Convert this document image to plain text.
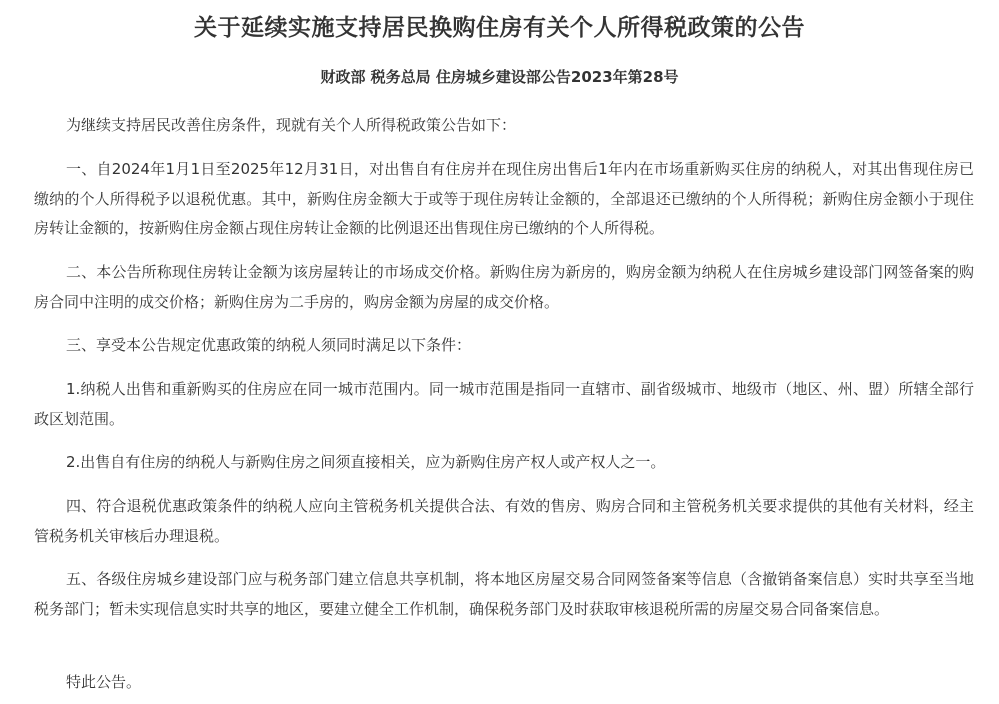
关于延续实施支持居民换购住房有关个人所得税政策的公告
财政部 税务总局 住房城乡建设部公告2023年第28号

为继续支持居民改善住房条件，现就有关个人所得税政策公告如下：

一、自2024年1月1日至2025年12月31日，对出售自有住房并在现住房出售后1年内在市场重新购买住房的纳税人，对其出售现住房已缴纳的个人所得税予以退税优惠。其中，新购住房金额大于或等于现住房转让金额的，全部退还已缴纳的个人所得税；新购住房金额小于现住房转让金额的，按新购住房金额占现住房转让金额的比例退还出售现住房已缴纳的个人所得税。

二、本公告所称现住房转让金额为该房屋转让的市场成交价格。新购住房为新房的，购房金额为纳税人在住房城乡建设部门网签备案的购房合同中注明的成交价格；新购住房为二手房的，购房金额为房屋的成交价格。

三、享受本公告规定优惠政策的纳税人须同时满足以下条件：

1.纳税人出售和重新购买的住房应在同一城市范围内。同一城市范围是指同一直辖市、副省级城市、地级市（地区、州、盟）所辖全部行政区划范围。

2.出售自有住房的纳税人与新购住房之间须直接相关，应为新购住房产权人或产权人之一。

四、符合退税优惠政策条件的纳税人应向主管税务机关提供合法、有效的售房、购房合同和主管税务机关要求提供的其他有关材料，经主管税务机关审核后办理退税。

五、各级住房城乡建设部门应与税务部门建立信息共享机制，将本地区房屋交易合同网签备案等信息（含撤销备案信息）实时共享至当地税务部门；暂未实现信息实时共享的地区，要建立健全工作机制，确保税务部门及时获取审核退税所需的房屋交易合同备案信息。

特此公告。
